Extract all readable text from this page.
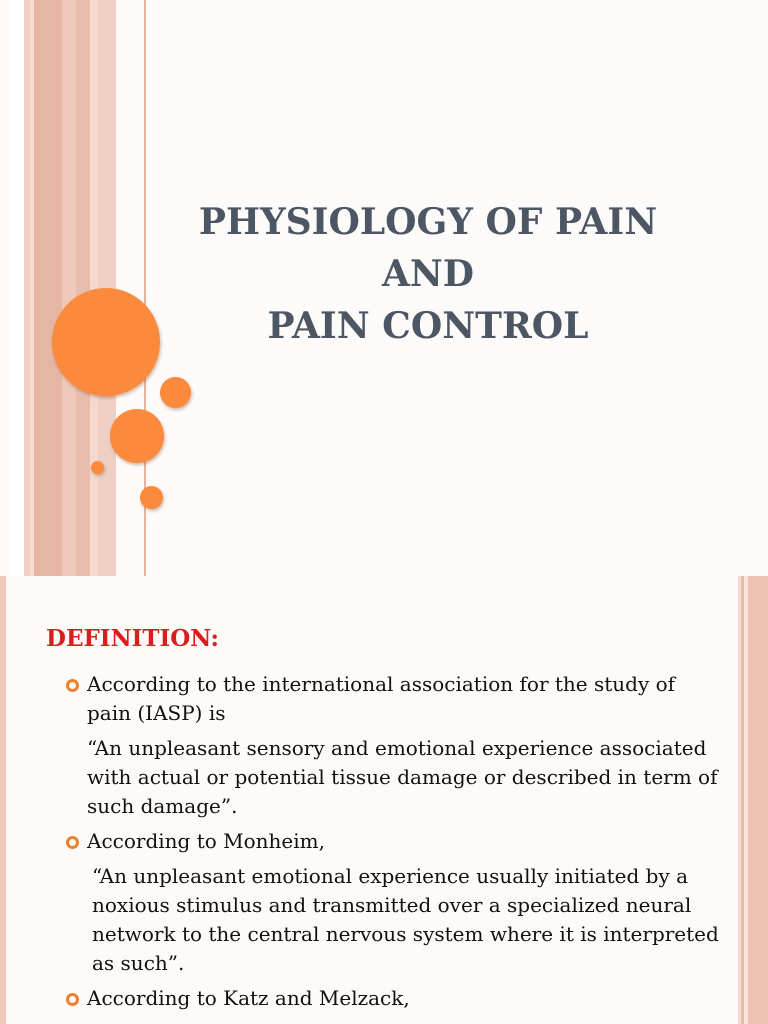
PHYSIOLOGY OF PAIN
AND
PAIN CONTROL
DEFINITION:
According to the international association for the study of pain (IASP) is
“An unpleasant sensory and emotional experience associated with actual or potential tissue damage or described in term of such damage”.
According to Monheim,
“An unpleasant emotional experience usually initiated by a noxious stimulus and transmitted over a specialized neural network to the central nervous system where it is interpreted as such”.
According to Katz and Melzack,
